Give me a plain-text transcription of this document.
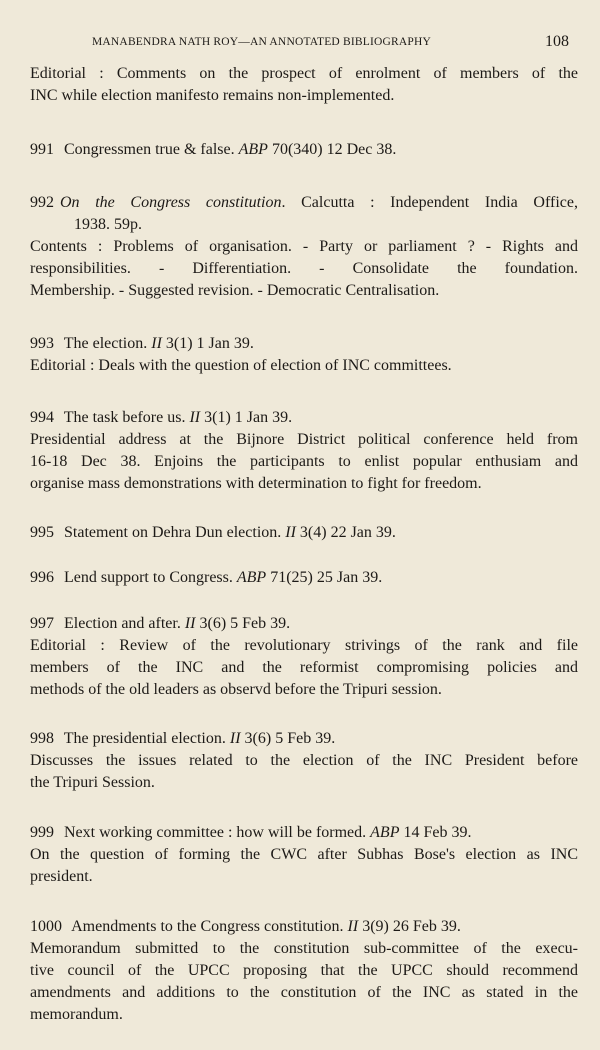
MANABENDRA NATH ROY—AN ANNOTATED BIBLIOGRAPHY	108
Editorial : Comments on the prospect of enrolment of members of the
INC while election manifesto remains non-implemented.
991 Congressmen true & false. ABP 70(340) 12 Dec 38.
992 On the Congress constitution. Calcutta : Independent India Office,
1938. 59p.
Contents : Problems of organisation. - Party or parliament ? - Rights and
responsibilities. - Differentiation. - Consolidate the foundation.
Membership. - Suggested revision. - Democratic Centralisation.
993 The election. II 3(1) 1 Jan 39.
Editorial : Deals with the question of election of INC committees.
994 The task before us. II 3(1) 1 Jan 39.
Presidential address at the Bijnore District political conference held from
16-18 Dec 38. Enjoins the participants to enlist popular enthusiam and
organise mass demonstrations with determination to fight for freedom.
995 Statement on Dehra Dun election. II 3(4) 22 Jan 39.
996 Lend support to Congress. ABP 71(25) 25 Jan 39.
997 Election and after. II 3(6) 5 Feb 39.
Editorial : Review of the revolutionary strivings of the rank and file
members of the INC and the reformist compromising policies and
methods of the old leaders as observd before the Tripuri session.
998 The presidential election. II 3(6) 5 Feb 39.
Discusses the issues related to the election of the INC President before
the Tripuri Session.
999 Next working committee : how will be formed. ABP 14 Feb 39.
On the question of forming the CWC after Subhas Bose's election as INC
president.
1000 Amendments to the Congress constitution. II 3(9) 26 Feb 39.
Memorandum submitted to the constitution sub-committee of the execu-
tive council of the UPCC proposing that the UPCC should recommend
amendments and additions to the constitution of the INC as stated in the
memorandum.
